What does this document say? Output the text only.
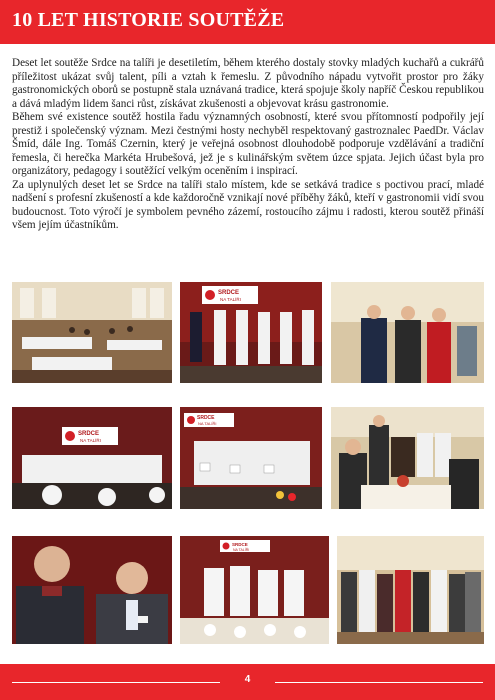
10 LET HISTORIE SOUTĚŽE

Deset let soutěže Srdce na talíři je desetiletím, během kterého dostaly stovky mladých kuchařů a cukrářů příležitost ukázat svůj talent, píli a vztah k řemeslu. Z původního nápadu vytvořit prostor pro žáky gastronomických oborů se postupně stala uznávaná tradice, která spojuje školy napříč Českou republikou a dává mladým lidem šanci růst, získávat zkušenosti a objevovat krásu gastronomie.

Během své existence soutěž hostila řadu významných osobností, které svou přítomností podpořily její prestiž i společenský význam. Mezi čestnými hosty nechyběl respektovaný gastroznalec PaedDr. Václav Šmíd, dále Ing. Tomáš Czernin, který je veřejná osobnost dlouhodobě podporuje vzdělávání a tradiční řemesla, či herečka Markéta Hrubešová, jež je s kulinářským světem úzce spjata. Jejich účast byla pro organizátory, pedagogy i soutěžící velkým oceněním i inspirací.

Za uplynulých deset let se Srdce na talíři stalo místem, kde se setkává tradice s poctivou prací, mladé nadšení s profesní zkušeností a kde každoročně vznikají nové příběhy žáků, kteří v gastronomii vidí svou budoucnost. Toto výročí je symbolem pevného zázemí, rostoucího zájmu i radosti, kterou soutěž přináší všem jejím účastníkům.

SRDCE
NA TALÍŘI
SRDCE
NA TALÍŘI
SRDCE
NA TALÍŘI
SRDCE
NA TALÍŘI
4
